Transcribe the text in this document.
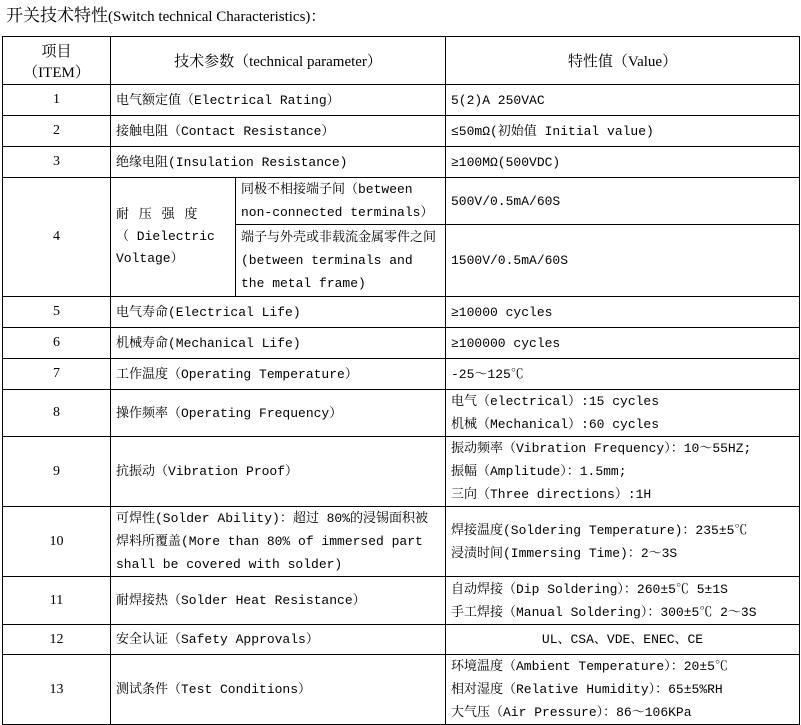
开关技术特性(Switch technical Characteristics)：
项目
（ITEM）	技术参数（technical parameter）		特性值（Value）
1	电气额定值（Electrical Rating）		5(2)A 250VAC

2	接触电阻（Contact Resistance）		≤50mΩ(初始值 Initial value)

3	绝缘电阻(Insulation Resistance)		≥100MΩ(500VDC)

4	耐 压 强 度
（ Dielectric
Voltage）	同极不相接端子间（between non-connected terminals）	500V/0.5mA/60S

		端子与外壳或非载流金属零件之间(between terminals and the metal frame)	1500V/0.5mA/60S

5	电气寿命(Electrical Life)		≥10000 cycles

6	机械寿命(Mechanical Life)		≥100000 cycles

7	工作温度（Operating Temperature）		-25～125℃

8	操作频率（Operating Frequency）		电气（electrical）:15 cycles
机械（Mechanical）:60 cycles

9	抗振动（Vibration Proof）		振动频率（Vibration Frequency）：10～55HZ;
振幅（Amplitude）：1.5mm;
三向（Three directions）:1H

10	可焊性(Solder Ability)：超过 80%的浸锡面积被焊料所覆盖(More than 80% of immersed part shall be covered with solder)		焊接温度(Soldering Temperature)：235±5℃
浸渍时间(Immersing Time)：2～3S

11	耐焊接热（Solder Heat Resistance）		自动焊接（Dip Soldering）：260±5℃ 5±1S
手工焊接（Manual Soldering）：300±5℃ 2～3S

12	安全认证（Safety Approvals）		UL、CSA、VDE、ENEC、CE

13	测试条件（Test Conditions）		环境温度（Ambient Temperature）：20±5℃
相对湿度（Relative Humidity）：65±5%RH
大气压（Air Pressure）：86～106KPa
